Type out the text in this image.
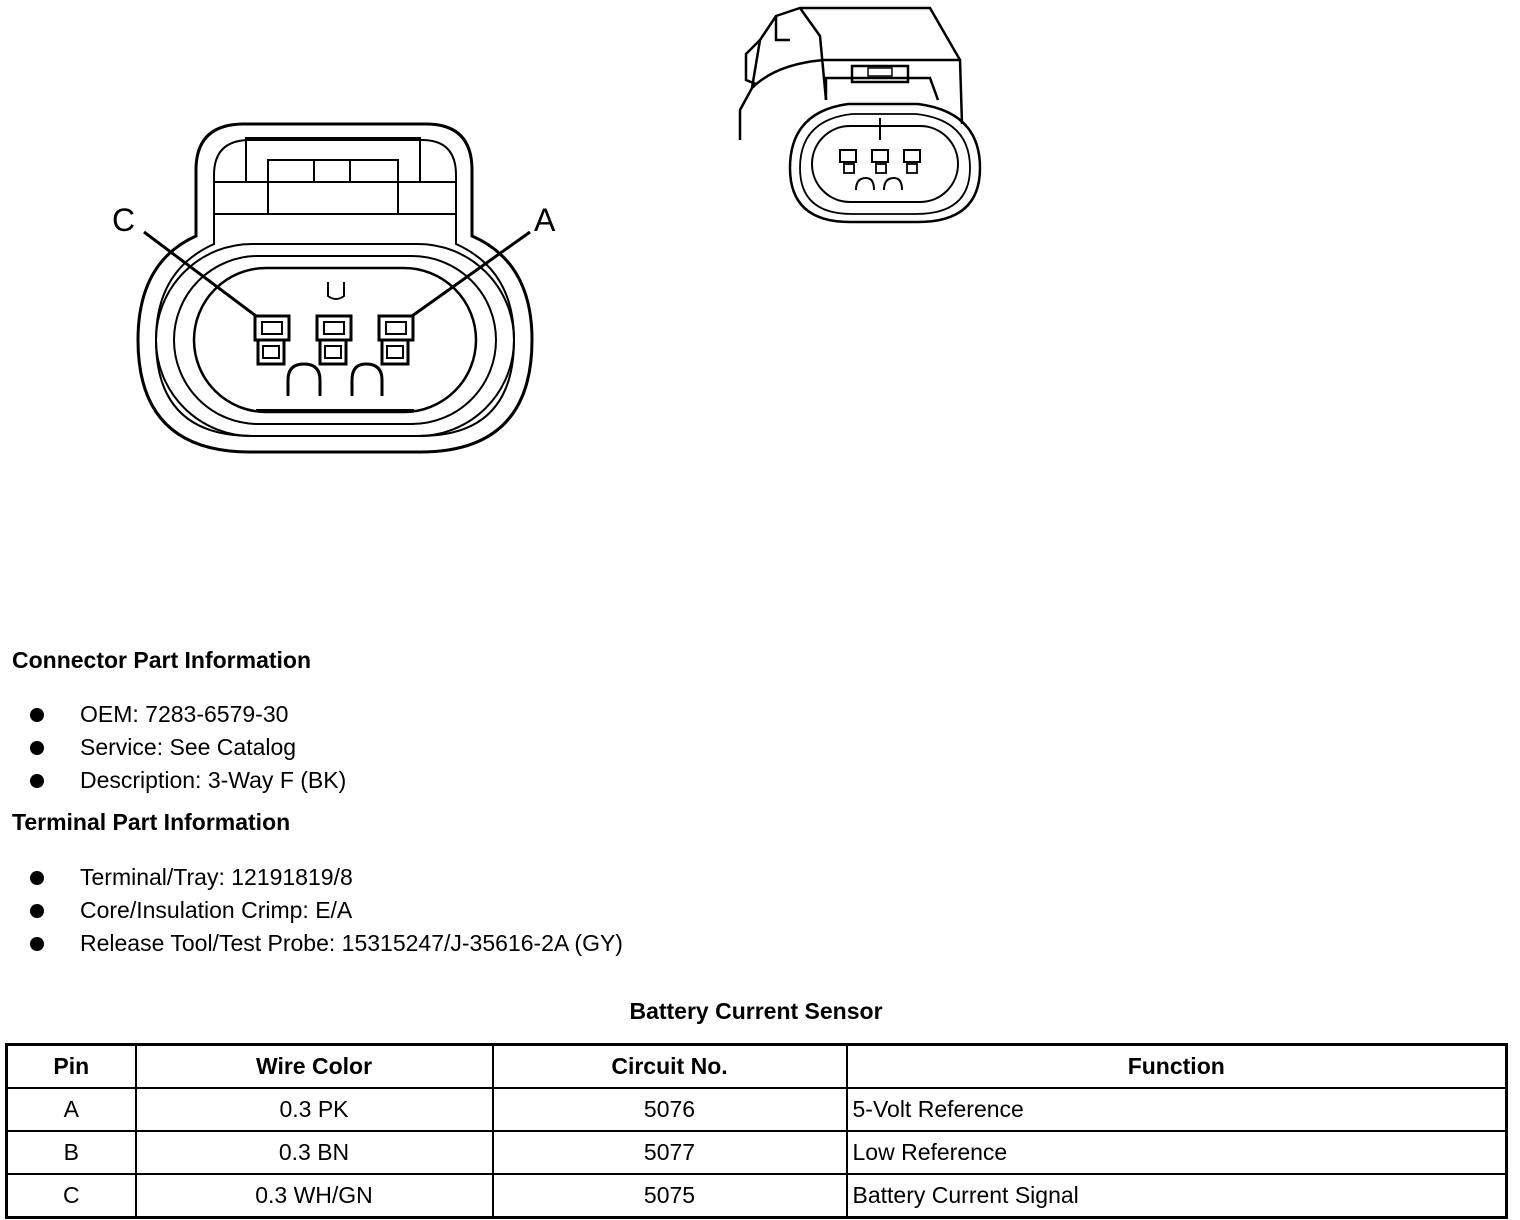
C	A
Connector Part Information
OEM: 7283-6579-30
Service: See Catalog
Description: 3-Way F (BK)
Terminal Part Information
Terminal/Tray: 12191819/8
Core/Insulation Crimp: E/A
Release Tool/Test Probe: 15315247/J-35616-2A (GY)
Battery Current Sensor
Pin	Wire Color	Circuit No.	Function
A	0.3 PK	5076	5-Volt Reference
B	0.3 BN	5077	Low Reference
C	0.3 WH/GN	5075	Battery Current Signal
